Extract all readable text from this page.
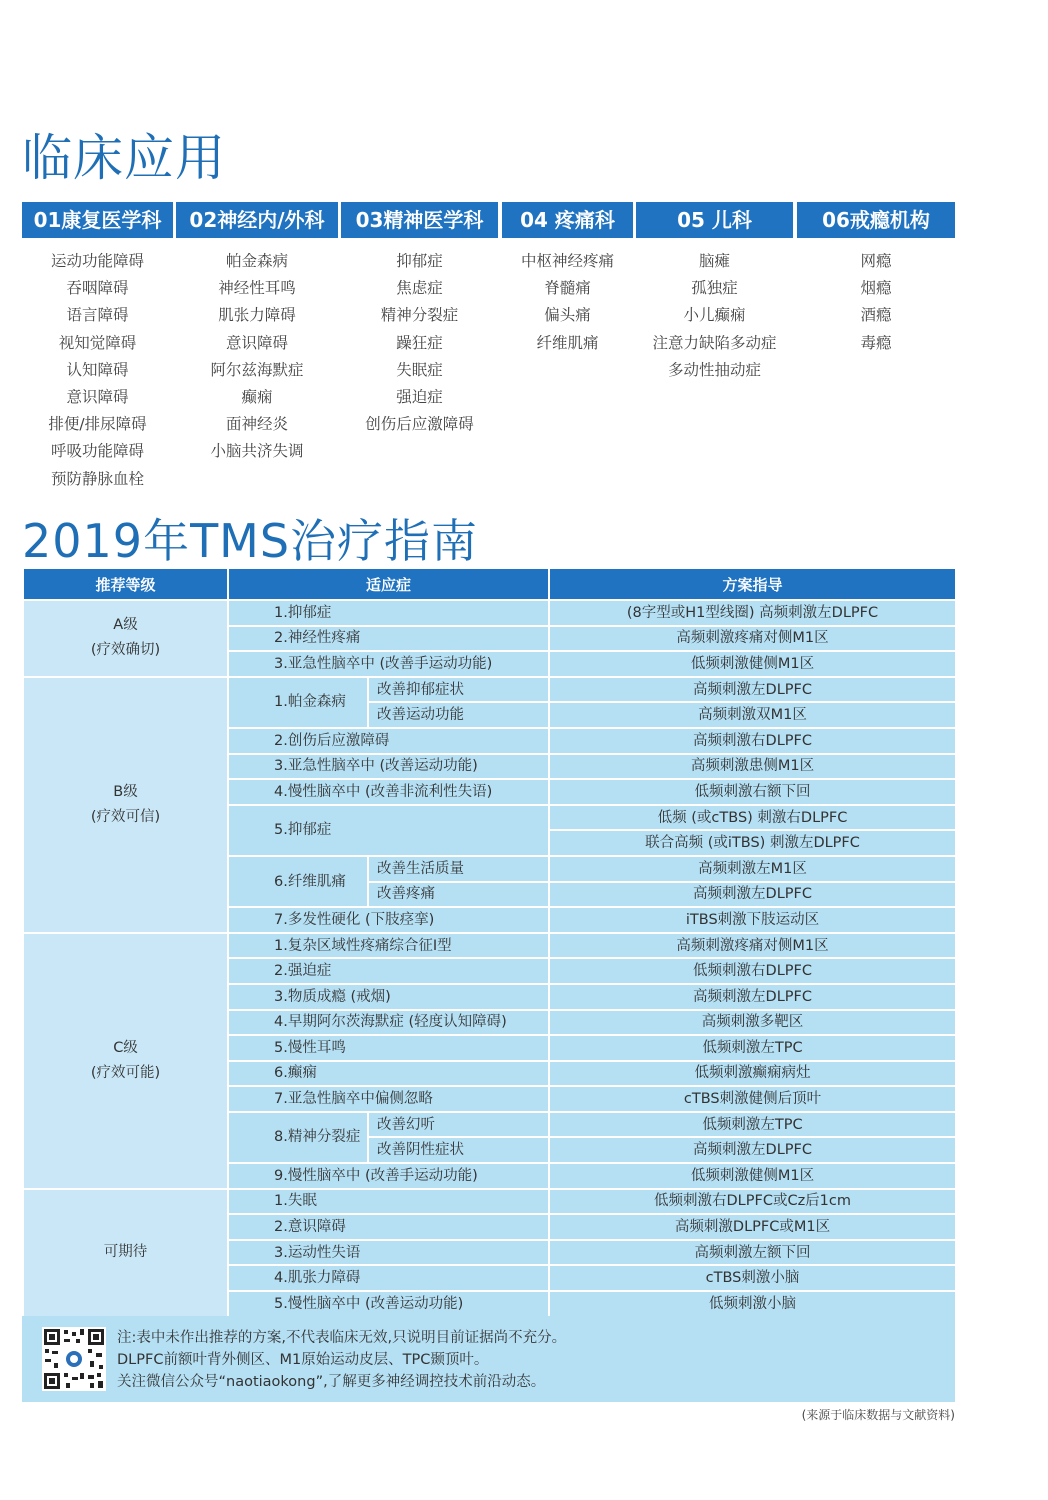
临床应用
01康复医学科
运动功能障碍
吞咽障碍
语言障碍
视知觉障碍
认知障碍
意识障碍
排便/排尿障碍
呼吸功能障碍
预防静脉血栓
02神经内/外科
帕金森病
神经性耳鸣
肌张力障碍
意识障碍
阿尔兹海默症
癫痫
面神经炎
小脑共济失调
03精神医学科
抑郁症
焦虑症
精神分裂症
躁狂症
失眠症
强迫症
创伤后应激障碍
04 疼痛科
中枢神经疼痛
脊髓痛
偏头痛
纤维肌痛
05 儿科
脑瘫
孤独症
小儿癫痫
注意力缺陷多动症
多动性抽动症
06戒瘾机构
网瘾
烟瘾
酒瘾
毒瘾
2019年TMS治疗指南
推荐等级	适应症		方案指导

A级
(疗效确切)	1.抑郁症		(8字型或H1型线圈) 高频刺激左DLPFC
	2.神经性疼痛		高频刺激疼痛对侧M1区
	3.亚急性脑卒中 (改善手运动功能)		低频刺激健侧M1区

B级
(疗效可信)	1.帕金森病	改善抑郁症状	高频刺激左DLPFC
		改善运动功能	高频刺激双M1区
	2.创伤后应激障碍		高频刺激右DLPFC
	3.亚急性脑卒中 (改善运动功能)		高频刺激患侧M1区
	4.慢性脑卒中 (改善非流利性失语)		低频刺激右额下回
	5.抑郁症		低频 (或cTBS) 刺激右DLPFC
			联合高频 (或iTBS) 刺激左DLPFC
	6.纤维肌痛	改善生活质量	高频刺激左M1区
		改善疼痛	高频刺激左DLPFC
	7.多发性硬化 (下肢痉挛)		iTBS刺激下肢运动区

C级
(疗效可能)	1.复杂区域性疼痛综合征I型		高频刺激疼痛对侧M1区
	2.强迫症		低频刺激右DLPFC
	3.物质成瘾 (戒烟)		高频刺激左DLPFC
	4.早期阿尔茨海默症 (轻度认知障碍)		高频刺激多靶区
	5.慢性耳鸣		低频刺激左TPC
	6.癫痫		低频刺激癫痫病灶
	7.亚急性脑卒中偏侧忽略		cTBS刺激健侧后顶叶
	8.精神分裂症	改善幻听	低频刺激左TPC
		改善阴性症状	高频刺激左DLPFC
	9.慢性脑卒中 (改善手运动功能)		低频刺激健侧M1区

可期待	1.失眠		低频刺激右DLPFC或Cz后1cm
	2.意识障碍		高频刺激DLPFC或M1区
	3.运动性失语		高频刺激左额下回
	4.肌张力障碍		cTBS刺激小脑
	5.慢性脑卒中 (改善运动功能)		低频刺激小脑
注:表中未作出推荐的方案,不代表临床无效,只说明目前证据尚不充分。
DLPFC前额叶背外侧区、M1原始运动皮层、TPC颞顶叶。
关注微信公众号“naotiaokong”,了解更多神经调控技术前沿动态。
(来源于临床数据与文献资料)
